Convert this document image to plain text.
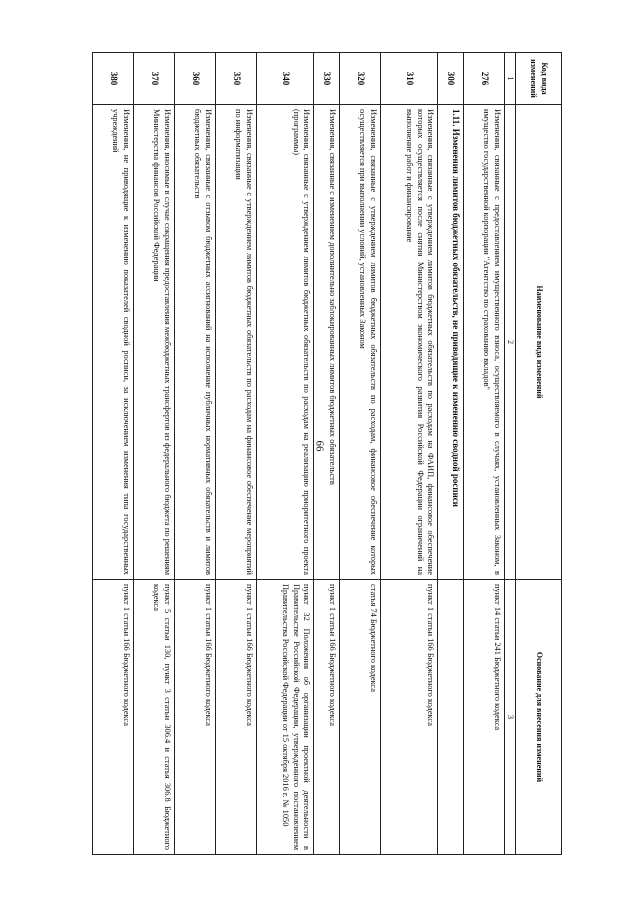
66
Код вида изменений	Наименование вида изменений	Основание для внесения изменений
1	2	3
276	Изменения, связанные с предоставлением имущественного взноса, осуществляемого в случаях, установленных Законом, в имущество государственной корпорации "Агентство по страхованию вкладов"	пункт 14 статьи 241 Бюджетного кодекса
300	1.11. Изменения лимитов бюджетных обязательств, не приводящие к изменению сводной росписи	
310	Изменения, связанные с утверждением лимитов бюджетных обязательств по расходам на ФАИП, финансовое обеспечение которых осуществляется после снятия Министерством экономического развития Российской Федерации ограничений на выполнение работ и финансирование	пункт 1 статьи 166 Бюджетного кодекса
320	Изменения, связанные с утверждением лимитов бюджетных обязательств по расходам, финансовое обеспечение которых осуществляется при выполнении условий, установленных Законом	статья 74 Бюджетного кодекса
330	Изменения, связанные с изменением дополнительно заблокированных лимитов бюджетных обязательств	пункт 1 статьи 166 Бюджетного кодекса
340	Изменения, связанные с утверждением лимитов бюджетных обязательств по расходам на реализацию приоритетного проекта (программы)	пункт 32 Положения об организации проектной деятельности в Правительстве Российской Федерации, утвержденного постановлением Правительства Российской Федерации от 15 октября 2016 г. № 1050
350	Изменения, связанные с утверждением лимитов бюджетных обязательств по расходам на финансовое обеспечение мероприятий по информатизации	пункт 1 статьи 166 Бюджетного кодекса
360	Изменения, связанные с отзывом бюджетных ассигнований на исполнение публичных нормативных обязательств и лимитов бюджетных обязательств	пункт 1 статьи 166 Бюджетного кодекса
370	Изменения, вносимые в случае сокращения предоставления межбюджетных трансфертов из федерального бюджета по решениям Министерства финансов Российской Федерации	пункт 5 статьи 130, пункт 3 статьи 306.4 и статья 306.8 Бюджетного кодекса
380	Изменения, не приводящие к изменению показателей сводной росписи, за исключением изменения типа государственных учреждений	пункт 1 статьи 166 Бюджетного кодекса
